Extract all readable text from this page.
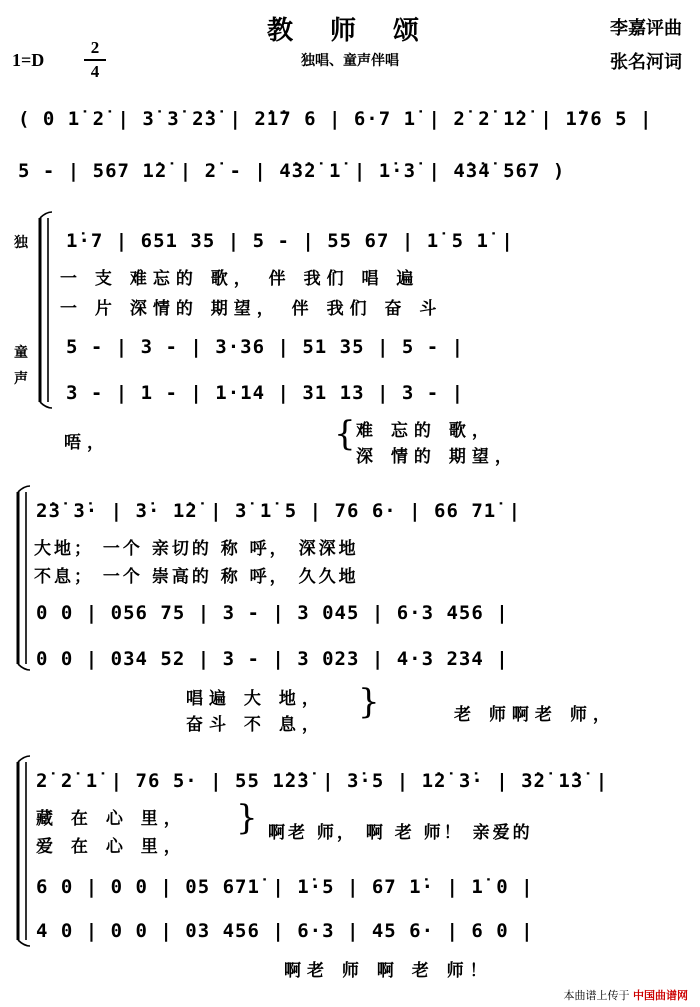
教 师 颂
独唱、童声伴唱
李嘉评曲
张名河词
1=D
2
4
( 0 1̇ 2̇ | 3̇ 3̇ 2̇3̇ | 2̇1̇7 6 | 6·7 1̇ | 2̇ 2̇ 1̇2̇ | 1̇76 5 |
5 - | 567 1̇2̇ | 2̇ - | 4̇3̇2̇ 1̇ | 1̇·3̇ | 4̇3̇4̇ 567 )
独
童
声
1̇·7 | 651 35 | 5 - | 55 67 | 1̇ 5 1̇ |
一 支 难忘的 歌， 伴 我们 唱 遍
一 片 深情的 期望， 伴 我们 奋 斗
5 - | 3 - | 3·36 | 51 35 | 5 - |
3 - | 1 - | 1·14 | 31 13 | 3 - |
唔，	{ 难 忘的 歌，
深 情的 期望，
2̇3̇ 3̇· | 3̇· 1̇2̇ | 3̇ 1̇ 5 | 76 6· | 66 71̇ |
大地； 一个 亲切的 称 呼， 深深地
不息； 一个 崇高的 称 呼， 久久地
0 0 | 056 75 | 3 - | 3 045 | 6·3 456 |
0 0 | 034 52 | 3 - | 3 023 | 4·3 234 |
唱遍 大 地，
奋斗 不 息，
{	老 师啊老 师，
2̇ 2̇ 1̇ | 76 5· | 55 1̇2̇3̇ | 3̇·5 | 1̇2̇ 3̇· | 3̇2̇ 1̇3̇ |
藏 在 心 里，
爱 在 心 里，
{ 啊老 师， 啊 老 师！ 亲爱的
6 0 | 0 0 | 05 671̇ | 1̇·5 | 67 1̇· | 1̇ 0 |
4 0 | 0 0 | 03 456 | 6·3 | 45 6· | 6 0 |
啊老 师 啊 老 师！
本曲谱上传于 中国曲谱网
